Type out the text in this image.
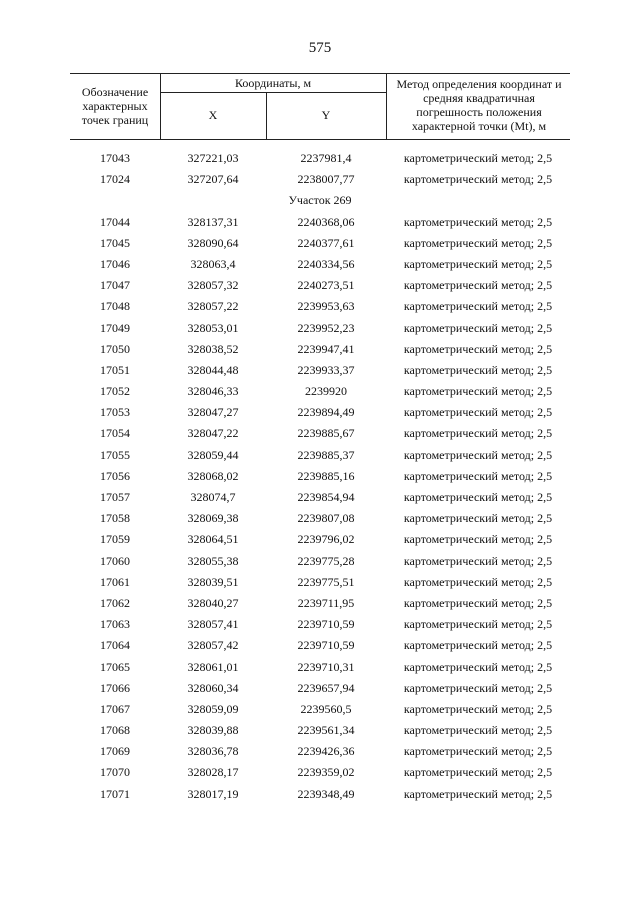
575
Обозначение характерных точек границ
Координаты, м
X	Y
Метод определения координат и средняя квадратичная погрешность положения характерной точки (Mt), м
17043	327221,03	2237981,4	картометрический метод; 2,5
17024	327207,64	2238007,77	картометрический метод; 2,5
Участок 269
17044	328137,31	2240368,06	картометрический метод; 2,5
17045	328090,64	2240377,61	картометрический метод; 2,5
17046	328063,4	2240334,56	картометрический метод; 2,5
17047	328057,32	2240273,51	картометрический метод; 2,5
17048	328057,22	2239953,63	картометрический метод; 2,5
17049	328053,01	2239952,23	картометрический метод; 2,5
17050	328038,52	2239947,41	картометрический метод; 2,5
17051	328044,48	2239933,37	картометрический метод; 2,5
17052	328046,33	2239920	картометрический метод; 2,5
17053	328047,27	2239894,49	картометрический метод; 2,5
17054	328047,22	2239885,67	картометрический метод; 2,5
17055	328059,44	2239885,37	картометрический метод; 2,5
17056	328068,02	2239885,16	картометрический метод; 2,5
17057	328074,7	2239854,94	картометрический метод; 2,5
17058	328069,38	2239807,08	картометрический метод; 2,5
17059	328064,51	2239796,02	картометрический метод; 2,5
17060	328055,38	2239775,28	картометрический метод; 2,5
17061	328039,51	2239775,51	картометрический метод; 2,5
17062	328040,27	2239711,95	картометрический метод; 2,5
17063	328057,41	2239710,59	картометрический метод; 2,5
17064	328057,42	2239710,59	картометрический метод; 2,5
17065	328061,01	2239710,31	картометрический метод; 2,5
17066	328060,34	2239657,94	картометрический метод; 2,5
17067	328059,09	2239560,5	картометрический метод; 2,5
17068	328039,88	2239561,34	картометрический метод; 2,5
17069	328036,78	2239426,36	картометрический метод; 2,5
17070	328028,17	2239359,02	картометрический метод; 2,5
17071	328017,19	2239348,49	картометрический метод; 2,5
